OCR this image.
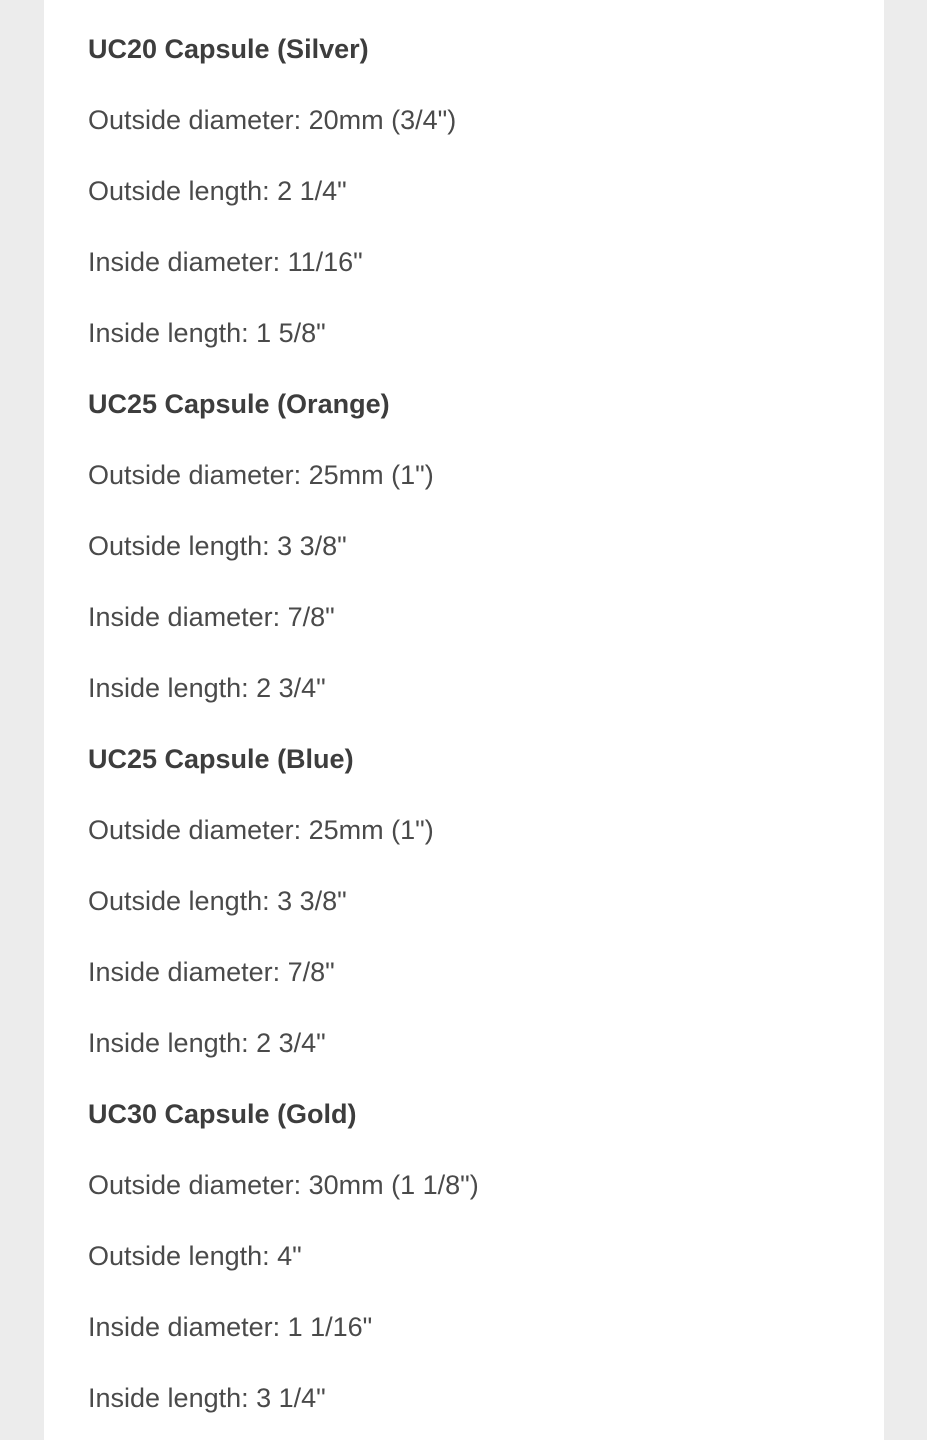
UC20 Capsule (Silver)

Outside diameter: 20mm (3/4")

Outside length: 2 1/4"

Inside diameter: 11/16"

Inside length: 1 5/8"

UC25 Capsule (Orange)

Outside diameter: 25mm (1")

Outside length: 3 3/8"

Inside diameter: 7/8"

Inside length: 2 3/4"

UC25 Capsule (Blue)

Outside diameter: 25mm (1")

Outside length: 3 3/8"

Inside diameter: 7/8"

Inside length: 2 3/4"

UC30 Capsule (Gold)

Outside diameter: 30mm (1 1/8")

Outside length: 4"

Inside diameter: 1 1/16"

Inside length: 3 1/4"
